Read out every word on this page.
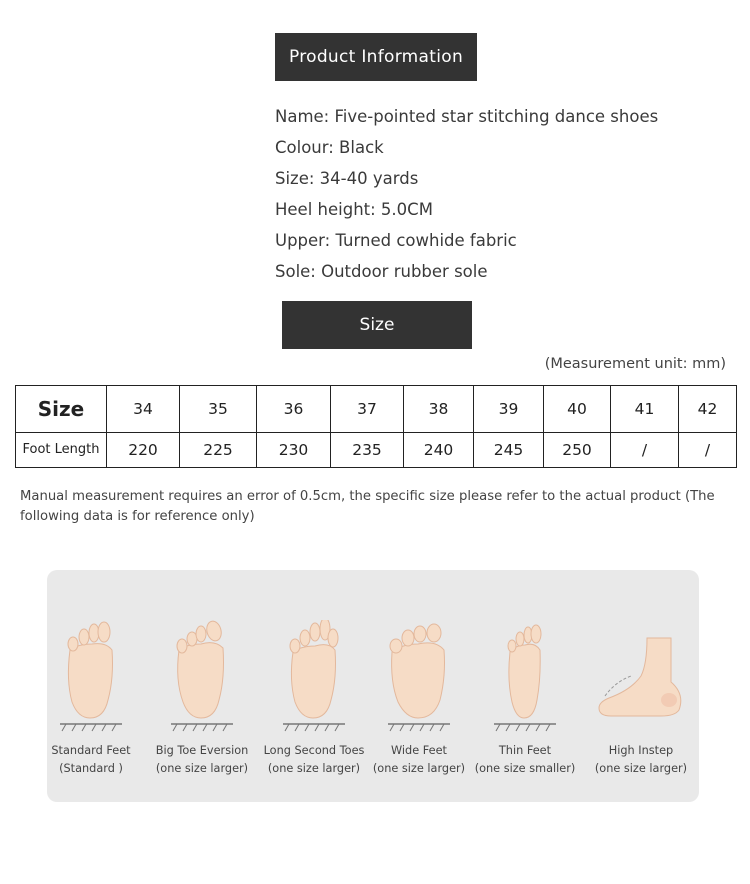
Product Information
Name: Five-pointed star stitching dance shoes
Colour: Black
Size: 34-40 yards
Heel height: 5.0CM
Upper: Turned cowhide fabric
Sole: Outdoor rubber sole
Size
(Measurement unit: mm)
Size	34	35	36	37	38	39	40	41	42
Foot Length	220	225	230	235	240	245	250	/	/
Manual measurement requires an error of 0.5cm, the specific size please refer to the actual product (The following data is for reference only)
Standard Feet
(Standard )
Big Toe Eversion
(one size larger)
Long Second Toes
(one size larger)
Wide Feet
(one size larger)
Thin Feet
(one size smaller)
High Instep
(one size larger)
